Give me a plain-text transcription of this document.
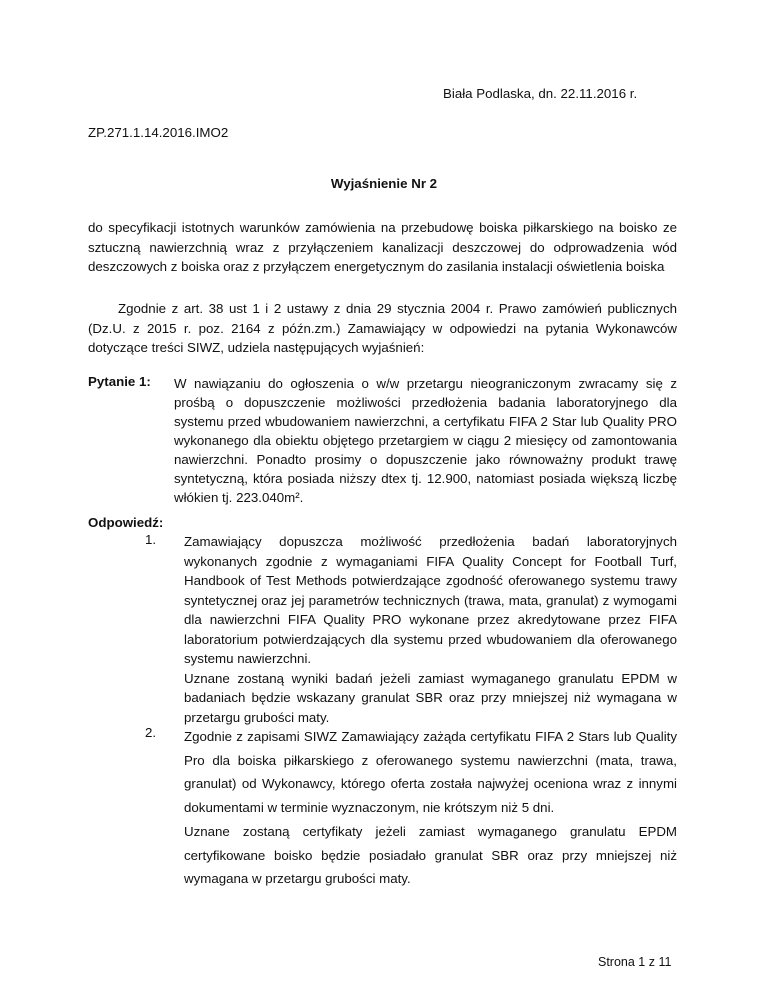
Biała Podlaska, dn. 22.11.2016 r.
ZP.271.1.14.2016.IMO2
Wyjaśnienie Nr 2
do specyfikacji istotnych warunków zamówienia na przebudowę boiska piłkarskiego na boisko ze sztuczną nawierzchnią wraz z przyłączeniem kanalizacji deszczowej do odprowadzenia wód deszczowych z boiska oraz z przyłączem energetycznym do zasilania instalacji oświetlenia boiska
Zgodnie z art. 38 ust 1 i 2 ustawy z dnia 29 stycznia 2004 r. Prawo zamówień publicznych (Dz.U. z 2015 r. poz. 2164 z późn.zm.) Zamawiający w odpowiedzi na pytania Wykonawców dotyczące treści SIWZ, udziela następujących wyjaśnień:
Pytanie 1: W nawiązaniu do ogłoszenia o w/w przetargu nieograniczonym zwracamy się z prośbą o dopuszczenie możliwości przedłożenia badania laboratoryjnego dla systemu przed wbudowaniem nawierzchni, a certyfikatu FIFA 2 Star lub Quality PRO wykonanego dla obiektu objętego przetargiem w ciągu 2 miesięcy od zamontowania nawierzchni. Ponadto prosimy o dopuszczenie jako równoważny produkt trawę syntetyczną, która posiada niższy dtex tj. 12.900, natomiast posiada większą liczbę włókien tj. 223.040m².
Odpowiedź:
1. Zamawiający dopuszcza możliwość przedłożenia badań laboratoryjnych wykonanych zgodnie z wymaganiami FIFA Quality Concept for Football Turf, Handbook of Test Methods potwierdzające zgodność oferowanego systemu trawy syntetycznej oraz jej parametrów technicznych (trawa, mata, granulat) z wymogami dla nawierzchni FIFA Quality PRO wykonane przez akredytowane przez FIFA laboratorium potwierdzających dla systemu przed wbudowaniem dla oferowanego systemu nawierzchni.

Uznane zostaną wyniki badań jeżeli zamiast wymaganego granulatu EPDM w badaniach będzie wskazany granulat SBR oraz przy mniejszej niż wymagana w przetargu grubości maty.

2. Zgodnie z zapisami SIWZ Zamawiający zażąda certyfikatu FIFA 2 Stars lub Quality Pro dla boiska piłkarskiego z oferowanego systemu nawierzchni (mata, trawa, granulat) od Wykonawcy, którego oferta została najwyżej oceniona wraz z innymi dokumentami w terminie wyznaczonym, nie krótszym niż 5 dni.

Uznane zostaną certyfikaty jeżeli zamiast wymaganego granulatu EPDM certyfikowane boisko będzie posiadało granulat SBR oraz przy mniejszej niż wymagana w przetargu grubości maty.

Strona 1 z 11
